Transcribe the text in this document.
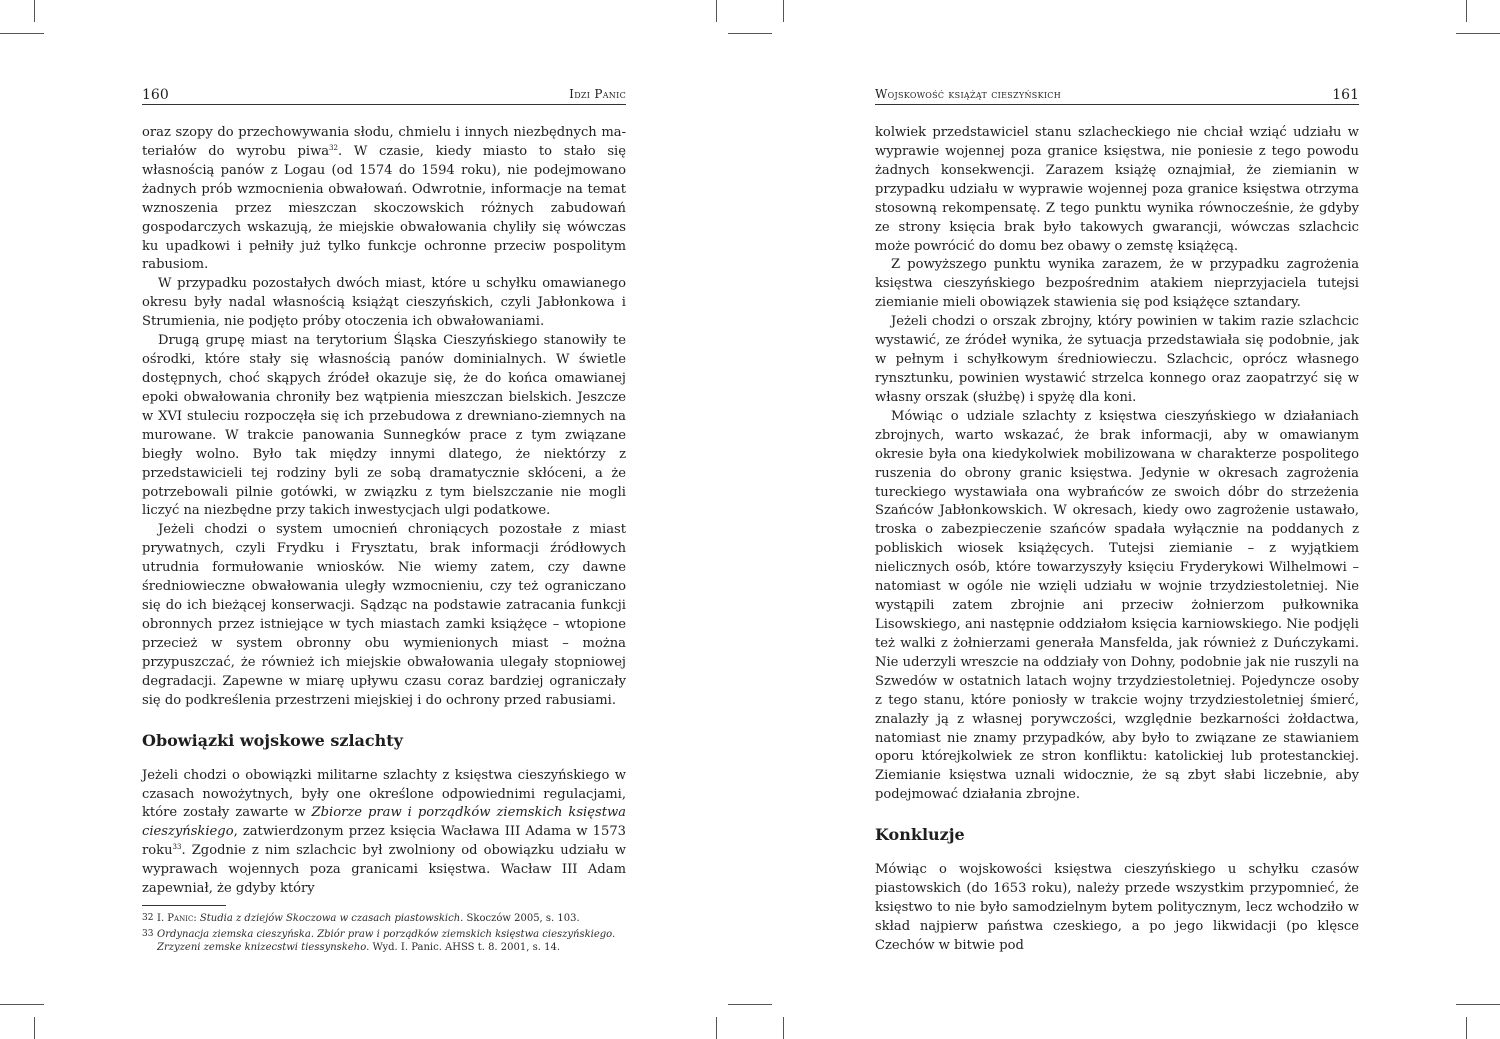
160	Idzi Panic

oraz szopy do przechowywania słodu, chmielu i innych niezbędnych materiałów do wyrobu piwa$^{32}$. W czasie, kiedy miasto to stało się własnością panów z Logau (od 1574 do 1594 roku), nie podejmowano żadnych prób wzmocnienia obwałowań. Odwrotnie, informacje na temat wznoszenia przez mieszczan skoczowskich różnych zabudowań gospodarczych wskazują, że miejskie obwałowania chyliły się wówczas ku upadkowi i pełniły już tylko funkcje ochronne przeciw pospolitym rabusiom.

W przypadku pozostałych dwóch miast, które u schyłku omawianego okresu były nadal własnością książąt cieszyńskich, czyli Jabłonkowa i Strumienia, nie podjęto próby otoczenia ich obwałowaniami.

Drugą grupę miast na terytorium Śląska Cieszyńskiego stanowiły te ośrodki, które stały się własnością panów dominialnych. W świetle dostępnych, choć skąpych źródeł okazuje się, że do końca omawianej epoki obwałowania chroniły bez wątpienia mieszczan bielskich. Jeszcze w XVI stuleciu rozpoczęła się ich przebudowa z drewniano-ziemnych na murowane. W trakcie panowania Sunnegków prace z tym związane biegły wolno. Było tak między innymi dlatego, że niektórzy z przedstawicieli tej rodziny byli ze sobą dramatycznie skłóceni, a że potrzebowali pilnie gotówki, w związku z tym bielszczanie nie mogli liczyć na niezbędne przy takich inwestycjach ulgi podatkowe.

Jeżeli chodzi o system umocnień chroniących pozostałe z miast prywatnych, czyli Frydku i Frysztatu, brak informacji źródłowych utrudnia formułowanie wniosków. Nie wiemy zatem, czy dawne średniowieczne obwałowania uległy wzmocnieniu, czy też ograniczano się do ich bieżącej konserwacji. Sądząc na podstawie zatracania funkcji obronnych przez istniejące w tych miastach zamki książęce – wtopione przecież w system obronny obu wymienionych miast – można przypuszczać, że również ich miejskie obwałowania ulegały stopniowej degradacji. Zapewne w miarę upływu czasu coraz bardziej ograniczały się do podkreślenia przestrzeni miejskiej i do ochrony przed rabusiami.

Obowiązki wojskowe szlachty

Jeżeli chodzi o obowiązki militarne szlachty z księstwa cieszyńskiego w czasach nowożytnych, były one określone odpowiednimi regulacjami, które zostały zawarte w Zbiorze praw i porządków ziemskich księstwa cieszyńskiego, zatwierdzonym przez księcia Wacława III Adama w 1573 roku$^{33}$. Zgodnie z nim szlachcic był zwolniony od obowiązku udziału w wyprawach wojennych poza granicami księstwa. Wacław III Adam zapewniał, że gdyby który

32 I. Panic: Studia z dziejów Skoczowa w czasach piastowskich. Skoczów 2005, s. 103.
33 Ordynacja ziemska cieszyńska. Zbiór praw i porządków ziemskich księstwa cieszyńskiego. Zrzyzeni zemske knizecstwi tiessynskeho. Wyd. I. Panic. AHSS t. 8. 2001, s. 14.
Wojskowość książąt cieszyńskich	161

kolwiek przedstawiciel stanu szlacheckiego nie chciał wziąć udziału w wyprawie wojennej poza granice księstwa, nie poniesie z tego powodu żadnych konsekwencji. Zarazem książę oznajmiał, że ziemianin w przypadku udziału w wyprawie wojennej poza granice księstwa otrzyma stosowną rekompensatę. Z tego punktu wynika równocześnie, że gdyby ze strony księcia brak było takowych gwarancji, wówczas szlachcic może powrócić do domu bez obawy o zemstę książęcą.

Z powyższego punktu wynika zarazem, że w przypadku zagrożenia księstwa cieszyńskiego bezpośrednim atakiem nieprzyjaciela tutejsi ziemianie mieli obowiązek stawienia się pod książęce sztandary.

Jeżeli chodzi o orszak zbrojny, który powinien w takim razie szlachcic wystawić, ze źródeł wynika, że sytuacja przedstawiała się podobnie, jak w pełnym i schyłkowym średniowieczu. Szlachcic, oprócz własnego rynsztunku, powinien wystawić strzelca konnego oraz zaopatrzyć się w własny orszak (służbę) i spyżę dla koni.

Mówiąc o udziale szlachty z księstwa cieszyńskiego w działaniach zbrojnych, warto wskazać, że brak informacji, aby w omawianym okresie była ona kiedykolwiek mobilizowana w charakterze pospolitego ruszenia do obrony granic księstwa. Jedynie w okresach zagrożenia tureckiego wystawiała ona wybrańców ze swoich dóbr do strzeżenia Szańców Jabłonkowskich. W okresach, kiedy owo zagrożenie ustawało, troska o zabezpieczenie szańców spadała wyłącznie na poddanych z pobliskich wiosek książęcych. Tutejsi ziemianie – z wyjątkiem nielicznych osób, które towarzyszyły księciu Fryderykowi Wilhelmowi – natomiast w ogóle nie wzięli udziału w wojnie trzydziestoletniej. Nie wystąpili zatem zbrojnie ani przeciw żołnierzom pułkownika Lisowskiego, ani następnie oddziałom księcia karniowskiego. Nie podjęli też walki z żołnierzami generała Mansfelda, jak również z Duńczykami. Nie uderzyli wreszcie na oddziały von Dohny, podobnie jak nie ruszyli na Szwedów w ostatnich latach wojny trzydziestoletniej. Pojedyncze osoby z tego stanu, które poniosły w trakcie wojny trzydziestoletniej śmierć, znalazły ją z własnej porywczości, względnie bezkarności żołdactwa, natomiast nie znamy przypadków, aby było to związane ze stawianiem oporu którejkolwiek ze stron konfliktu: katolickiej lub protestanckiej. Ziemianie księstwa uznali widocznie, że są zbyt słabi liczebnie, aby podejmować działania zbrojne.

Konkluzje

Mówiąc o wojskowości księstwa cieszyńskiego u schyłku czasów piastowskich (do 1653 roku), należy przede wszystkim przypomnieć, że księstwo to nie było samodzielnym bytem politycznym, lecz wchodziło w skład najpierw państwa czeskiego, a po jego likwidacji (po klęsce Czechów w bitwie pod
